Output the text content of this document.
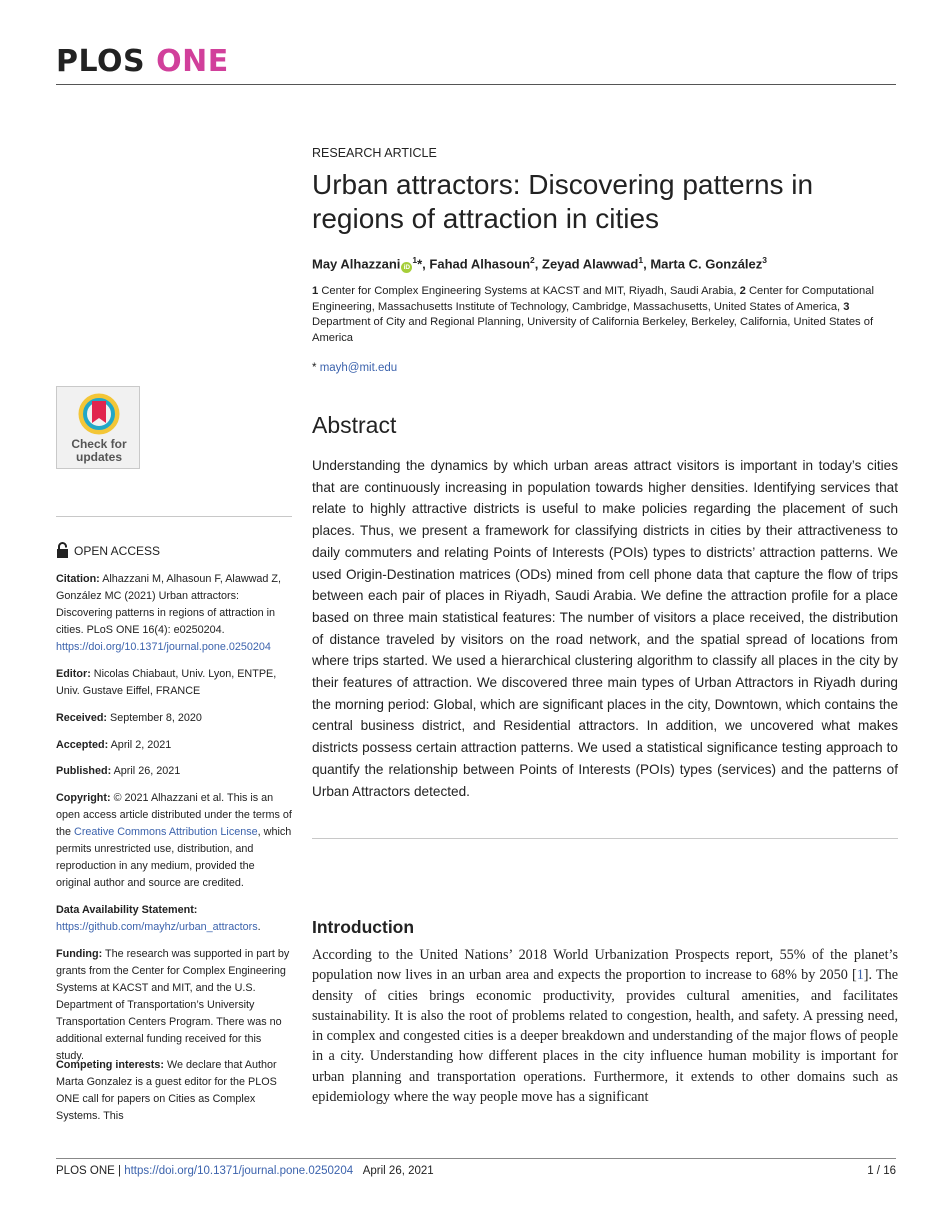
PLOS ONE
Check for updates
OPEN ACCESS
Citation: Alhazzani M, Alhasoun F, Alawwad Z, González MC (2021) Urban attractors: Discovering patterns in regions of attraction in cities. PLoS ONE 16(4): e0250204. https://doi.org/10.1371/journal.pone.0250204
Editor: Nicolas Chiabaut, Univ. Lyon, ENTPE, Univ. Gustave Eiffel, FRANCE
Received: September 8, 2020
Accepted: April 2, 2021
Published: April 26, 2021
Copyright: © 2021 Alhazzani et al. This is an open access article distributed under the terms of the Creative Commons Attribution License, which permits unrestricted use, distribution, and reproduction in any medium, provided the original author and source are credited.
Data Availability Statement: https://github.com/mayhz/urban_attractors.
Funding: The research was supported in part by grants from the Center for Complex Engineering Systems at KACST and MIT, and the U.S. Department of Transportation’s University Transportation Centers Program. There was no additional external funding received for this study.
Competing interests: We declare that Author Marta Gonzalez is a guest editor for the PLOS ONE call for papers on Cities as Complex Systems. This
RESEARCH ARTICLE
Urban attractors: Discovering patterns in regions of attraction in cities
May Alhazzani $iD^1*$, Fahad Alhasoun$^2$, Zeyad Alawwad$^1$, Marta C. González$^3$
1 Center for Complex Engineering Systems at KACST and MIT, Riyadh, Saudi Arabia, 2 Center for Computational Engineering, Massachusetts Institute of Technology, Cambridge, Massachusetts, United States of America, 3 Department of City and Regional Planning, University of California Berkeley, Berkeley, California, United States of America
* mayh@mit.edu
Abstract

Understanding the dynamics by which urban areas attract visitors is important in today’s cities that are continuously increasing in population towards higher densities. Identifying services that relate to highly attractive districts is useful to make policies regarding the placement of such places. Thus, we present a framework for classifying districts in cities by their attractiveness to daily commuters and relating Points of Interests (POIs) types to districts’ attraction patterns. We used Origin-Destination matrices (ODs) mined from cell phone data that capture the flow of trips between each pair of places in Riyadh, Saudi Arabia. We define the attraction profile for a place based on three main statistical features: The number of visitors a place received, the distribution of distance traveled by visitors on the road network, and the spatial spread of locations from where trips started. We used a hierarchical clustering algorithm to classify all places in the city by their features of attraction. We discovered three main types of Urban Attractors in Riyadh during the morning period: Global, which are significant places in the city, Downtown, which contains the central business district, and Residential attractors. In addition, we uncovered what makes districts possess certain attraction patterns. We used a statistical significance testing approach to quantify the relationship between Points of Interests (POIs) types (services) and the patterns of Urban Attractors detected.

Introduction

According to the United Nations’ 2018 World Urbanization Prospects report, 55% of the planet’s population now lives in an urban area and expects the proportion to increase to 68% by 2050 [1]. The density of cities brings economic productivity, provides cultural amenities, and facilitates sustainability. It is also the root of problems related to congestion, health, and safety. A pressing need, in complex and congested cities is a deeper breakdown and understanding of the major flows of people in a city. Understanding how different places in the city influence human mobility is important for urban planning and transportation operations. Furthermore, it extends to other domains such as epidemiology where the way people move has a significant

PLOS ONE | https://doi.org/10.1371/journal.pone.0250204 April 26, 2021	1 / 16
